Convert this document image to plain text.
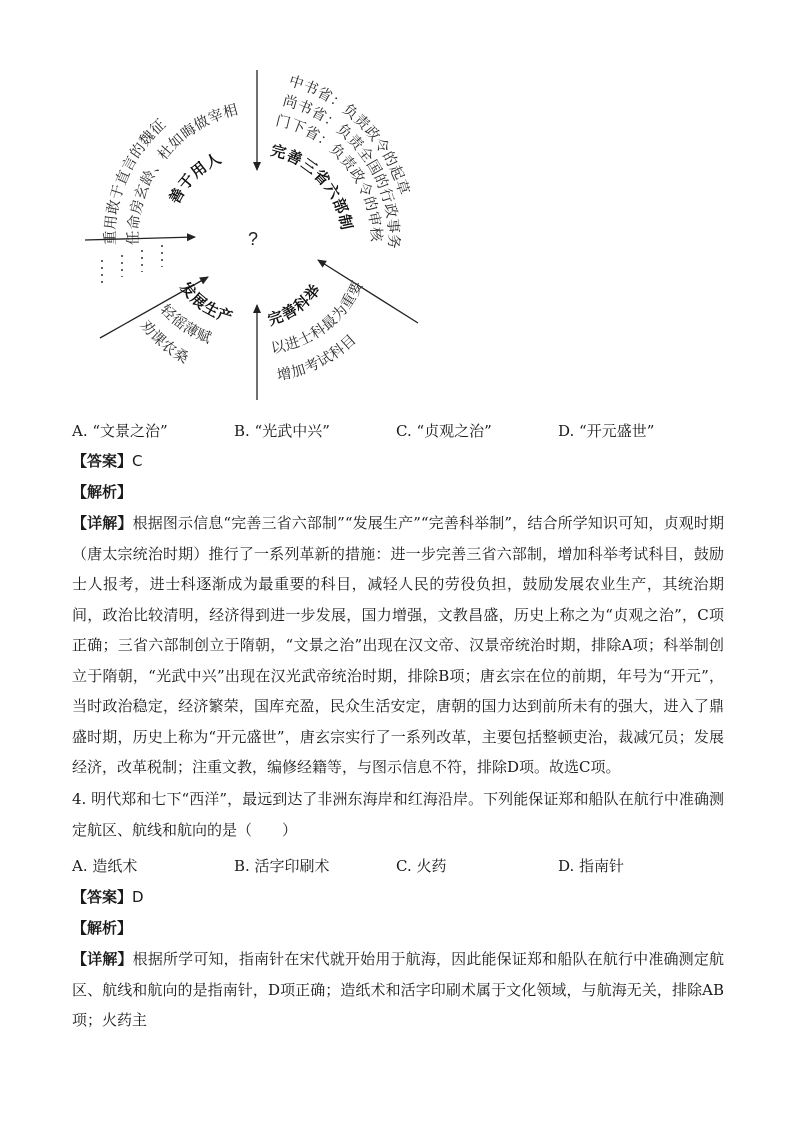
?
中书省：负责政令的起草
尚书省：负责全国的行政事务
门下省：负责政令的审核
完善三省六部制
重用敢于直言的魏征
任命房玄龄、杜如晦做宰相
善于用人
发展生产
轻徭薄赋
劝课农桑
完善科举
以进士科最为重要
增加考试科目
A. “文景之治”	B. “光武中兴”	C. “贞观之治”	D. “开元盛世”
【答案】C
【解析】
【详解】根据图示信息“完善三省六部制”“发展生产”“完善科举制”，结合所学知识可知，贞观时期（唐太宗统治时期）推行了一系列革新的措施：进一步完善三省六部制，增加科举考试科目，鼓励士人报考，进士科逐渐成为最重要的科目，减轻人民的劳役负担，鼓励发展农业生产，其统治期间，政治比较清明，经济得到进一步发展，国力增强，文教昌盛，历史上称之为“贞观之治”，C项正确；三省六部制创立于隋朝，“文景之治”出现在汉文帝、汉景帝统治时期，排除A项；科举制创立于隋朝，“光武中兴”出现在汉光武帝统治时期，排除B项；唐玄宗在位的前期，年号为“开元”，当时政治稳定，经济繁荣，国库充盈，民众生活安定，唐朝的国力达到前所未有的强大，进入了鼎盛时期，历史上称为“开元盛世”，唐玄宗实行了一系列改革，主要包括整顿吏治，裁减冗员；发展经济，改革税制；注重文教，编修经籍等，与图示信息不符，排除D项。故选C项。
4. 明代郑和七下“西洋”，最远到达了非洲东海岸和红海沿岸。下列能保证郑和船队在航行中准确测定航区、航线和航向的是（　　）
A. 造纸术	B. 活字印刷术	C. 火药	D. 指南针
【答案】D
【解析】
【详解】根据所学可知，指南针在宋代就开始用于航海，因此能保证郑和船队在航行中准确测定航区、航线和航向的是指南针，D项正确；造纸术和活字印刷术属于文化领域，与航海无关，排除AB项；火药主
